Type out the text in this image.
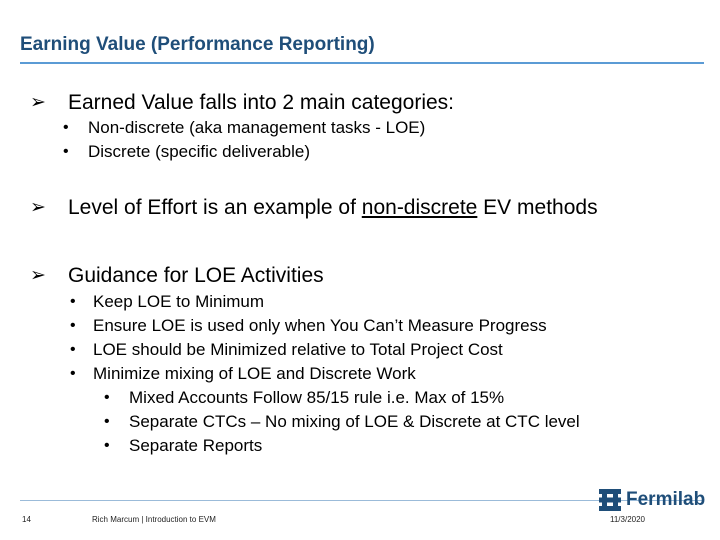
Earning Value (Performance Reporting)
➢ Earned Value falls into 2 main categories:
• Non-discrete (aka management tasks - LOE)
• Discrete (specific deliverable)
➢ Level of Effort is an example of non-discrete EV methods
➢ Guidance for LOE Activities
• Keep LOE to Minimum
• Ensure LOE is used only when You Can’t Measure Progress
• LOE should be Minimized relative to Total Project Cost
• Minimize mixing of LOE and Discrete Work
• Mixed Accounts Follow 85/15 rule i.e. Max of 15%
• Separate CTCs – No mixing of LOE & Discrete at CTC level
• Separate Reports
14	Rich Marcum | Introduction to EVM	11/3/2020
Fermilab
